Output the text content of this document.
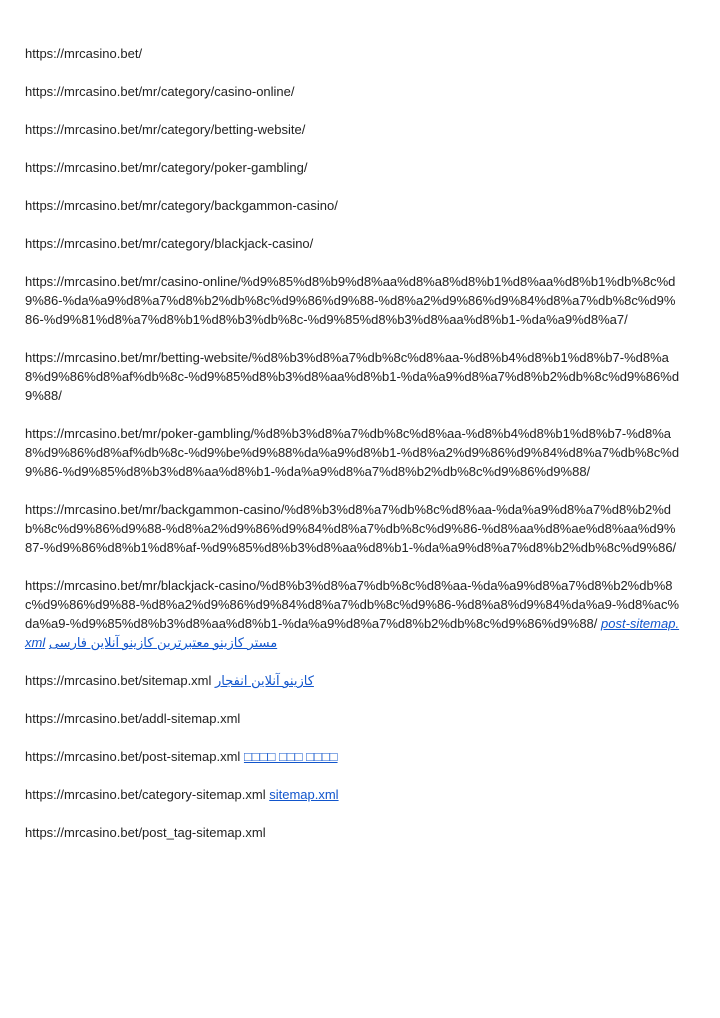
https://mrcasino.bet/
https://mrcasino.bet/mr/category/casino-online/
https://mrcasino.bet/mr/category/betting-website/
https://mrcasino.bet/mr/category/poker-gambling/
https://mrcasino.bet/mr/category/backgammon-casino/
https://mrcasino.bet/mr/category/blackjack-casino/
https://mrcasino.bet/mr/casino-online/%d9%85%d8%b9%d8%aa%d8%a8%d8%b1%d8%aa%d8%b1%db%8c%d9%86-%da%a9%d8%a7%d8%b2%db%8c%d9%86%d9%88-%d8%a2%d9%86%d9%84%d8%a7%db%8c%d9%86-%d9%81%d8%a7%d8%b1%d8%b3%db%8c-%d9%85%d8%b3%d8%aa%d8%b1-%da%a9%d8%a7/
https://mrcasino.bet/mr/betting-website/%d8%b3%d8%a7%db%8c%d8%aa-%d8%b4%d8%b1%d8%b7-%d8%a8%d9%86%d8%af%db%8c-%d9%85%d8%b3%d8%aa%d8%b1-%da%a9%d8%a7%d8%b2%db%8c%d9%86%d9%88/
https://mrcasino.bet/mr/poker-gambling/%d8%b3%d8%a7%db%8c%d8%aa-%d8%b4%d8%b1%d8%b7-%d8%a8%d9%86%d8%af%db%8c-%d9%be%d9%88%da%a9%d8%b1-%d8%a2%d9%86%d9%84%d8%a7%db%8c%d9%86-%d9%85%d8%b3%d8%aa%d8%b1-%da%a9%d8%a7%d8%b2%db%8c%d9%86%d9%88/
https://mrcasino.bet/mr/backgammon-casino/%d8%b3%d8%a7%db%8c%d8%aa-%da%a9%d8%a7%d8%b2%db%8c%d9%86%d9%88-%d8%a2%d9%86%d9%84%d8%a7%db%8c%d9%86-%d8%aa%d8%ae%d8%aa%d9%87-%d9%86%d8%b1%d8%af-%d9%85%d8%b3%d8%aa%d8%b1-%da%a9%d8%a7%d8%b2%db%8c%d9%86/
https://mrcasino.bet/mr/blackjack-casino/%d8%b3%d8%a7%db%8c%d8%aa-%da%a9%d8%a7%d8%b2%db%8c%d9%86%d9%88-%d8%a2%d9%86%d9%84%d8%a7%db%8c%d9%86-%d8%a8%d9%84%da%a9-%d8%ac%da%a9-%d9%85%d8%b3%d8%aa%d8%b1-%da%a9%d8%a7%d8%b2%db%8c%d9%86%d9%88/ post-sitemap.xml مستر کازینو معتبرترین کازینو آنلاین فارسی
https://mrcasino.bet/sitemap.xml کازینو آنلاین انفجار
https://mrcasino.bet/addl-sitemap.xml
https://mrcasino.bet/post-sitemap.xml □□□□ □□□ □□□□
https://mrcasino.bet/category-sitemap.xml sitemap.xml
https://mrcasino.bet/post_tag-sitemap.xml
